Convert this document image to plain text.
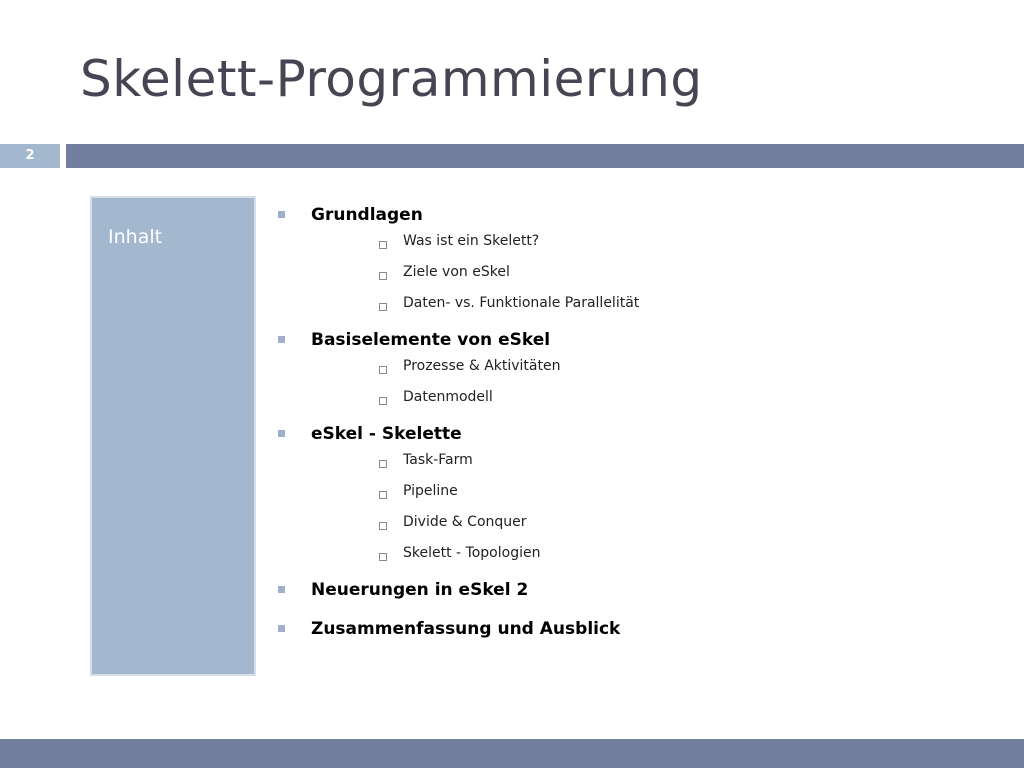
Skelett-Programmierung
2
Inhalt
Grundlagen
Was ist ein Skelett?
Ziele von eSkel
Daten- vs. Funktionale Parallelität
Basiselemente von eSkel
Prozesse & Aktivitäten
Datenmodell
eSkel - Skelette
Task-Farm
Pipeline
Divide & Conquer
Skelett - Topologien
Neuerungen in eSkel 2
Zusammenfassung und Ausblick
